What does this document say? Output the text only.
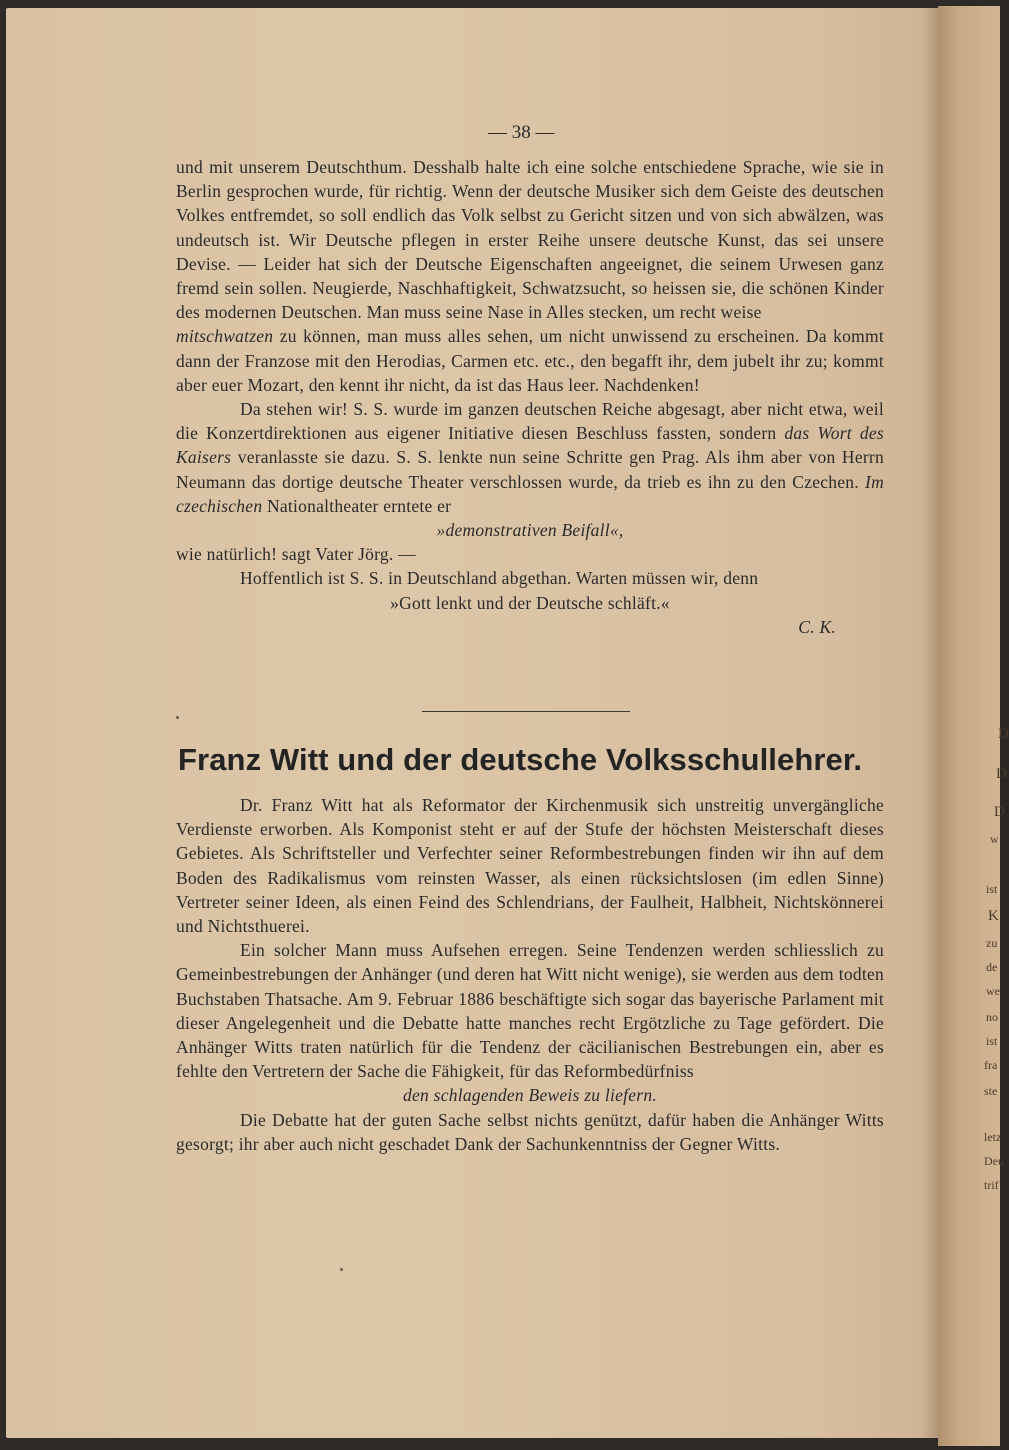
D
D
D
w
ist
K
zu
de
we
no
ist
fra
ste
letz
Deu
trif
— 38 —

und mit unserem Deutschthum. Desshalb halte ich eine solche entschiedene Sprache, wie sie in Berlin gesprochen wurde, für richtig. Wenn der deutsche Musiker sich dem Geiste des deutschen Volkes entfremdet, so soll endlich das Volk selbst zu Gericht sitzen und von sich abwälzen, was undeutsch ist. Wir Deutsche pflegen in erster Reihe unsere deutsche Kunst, das sei unsere Devise. — Leider hat sich der Deutsche Eigenschaften angeeignet, die seinem Urwesen ganz fremd sein sollen. Neugierde, Naschhaftigkeit, Schwatzsucht, so heissen sie, die schönen Kinder des modernen Deutschen. Man muss seine Nase in Alles stecken, um recht weise
mitschwatzen zu können, man muss alles sehen, um nicht unwissend zu erscheinen. Da kommt dann der Franzose mit den Herodias, Carmen etc. etc., den begafft ihr, dem jubelt ihr zu; kommt aber euer Mozart, den kennt ihr nicht, da ist das Haus leer. Nachdenken!

Da stehen wir! S. S. wurde im ganzen deutschen Reiche abgesagt, aber nicht etwa, weil die Konzertdirektionen aus eigener Initiative diesen Beschluss fassten, sondern das Wort des Kaisers veranlasste sie dazu. S. S. lenkte nun seine Schritte gen Prag. Als ihm aber von Herrn Neumann das dortige deutsche Theater verschlossen wurde, da trieb es ihn zu den Czechen. Im czechischen Nationaltheater erntete er

»demonstrativen Beifall«,

wie natürlich! sagt Vater Jörg. —

Hoffentlich ist S. S. in Deutschland abgethan. Warten müssen wir, denn

»Gott lenkt und der Deutsche schläft.«

C. K.

Franz Witt und der deutsche Volksschullehrer.

Dr. Franz Witt hat als Reformator der Kirchenmusik sich unstreitig unvergängliche Verdienste erworben. Als Komponist steht er auf der Stufe der höchsten Meisterschaft dieses Gebietes. Als Schriftsteller und Verfechter seiner Reformbestrebungen finden wir ihn auf dem Boden des Radikalismus vom reinsten Wasser, als einen rücksichtslosen (im edlen Sinne) Vertreter seiner Ideen, als einen Feind des Schlendrians, der Faulheit, Halbheit, Nichtskönnerei und Nichtsthuerei.

Ein solcher Mann muss Aufsehen erregen. Seine Tendenzen werden schliesslich zu Gemeinbestrebungen der Anhänger (und deren hat Witt nicht wenige), sie werden aus dem todten Buchstaben Thatsache. Am 9. Februar 1886 beschäftigte sich sogar das bayerische Parlament mit dieser Angelegenheit und die Debatte hatte manches recht Ergötzliche zu Tage gefördert. Die Anhänger Witts traten natürlich für die Tendenz der cäcilianischen Bestrebungen ein, aber es fehlte den Vertretern der Sache die Fähigkeit, für das Reformbedürfniss

den schlagenden Beweis zu liefern.

Die Debatte hat der guten Sache selbst nichts genützt, dafür haben die Anhänger Witts gesorgt; ihr aber auch nicht geschadet Dank der Sachunkenntniss der Gegner Witts.
